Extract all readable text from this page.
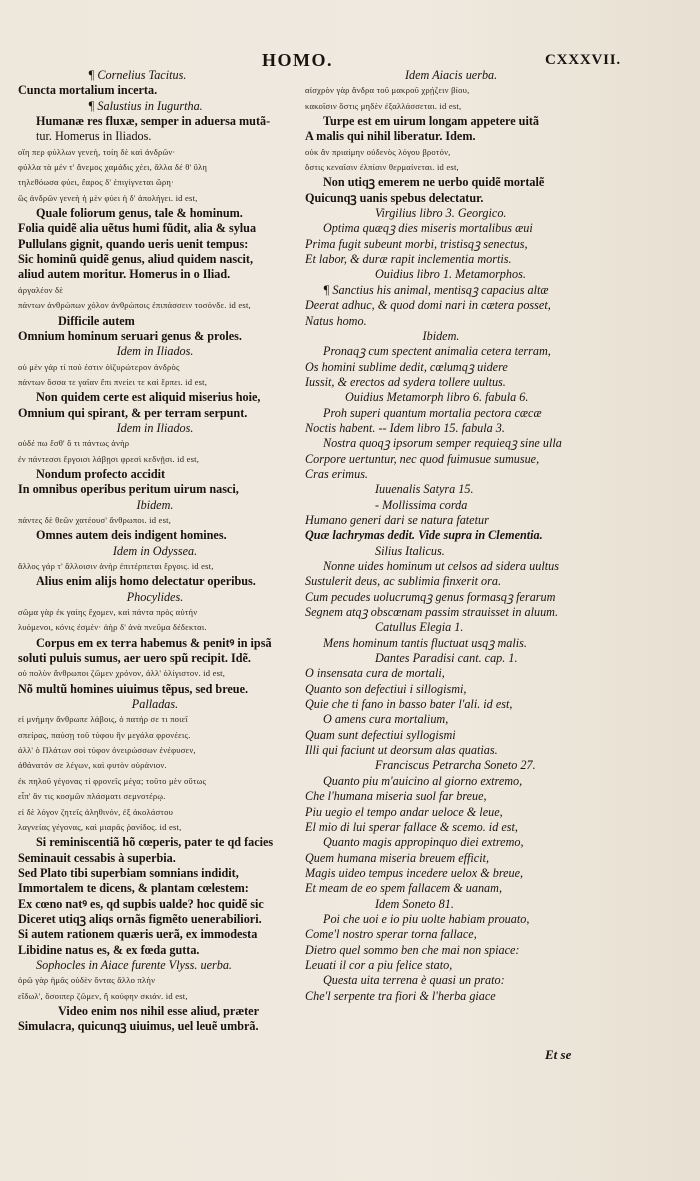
HOMO.	CXXXVII.
¶ Cornelius Tacitus.
Cuncta mortalium incerta.
¶ Salustius in Iugurtha.
Humanæ res fluxæ, semper in aduersa mutã-
tur. Homerus in Iliados.
οἵη περ φύλλων γενεή, τοίη δὲ καὶ ἀνδρῶν·
φύλλα τὰ μέν τ' ἄνεμος χαμάδις χέει, ἄλλα δέ θ' ὕλη
τηλεθόωσα φύει, ἔαρος δ' ἐπιγίγνεται ὥρη·
ὣς ἀνδρῶν γενεὴ ἡ μὲν φύει ἡ δ' ἀπολήγει. id est,
Quale foliorum genus, tale & hominum.
Folia quidẽ alia uẽtus humi fũdit, alia & sylua
Pullulans gignit, quando ueris uenit tempus:
Sic hominũ quidẽ genus, aliud quidem nascit,
aliud autem moritur. Homerus in o Iliad.
ἀργαλέον δὲ
πάντων ἀνθρώπων χόλον ἀνθρώποις ἐπιπάσσειν τοσόνδε. id est,
Difficile autem
Omnium hominum seruari genus & proles.
Idem in Iliados.
οὐ μὲν γάρ τί πού ἐστιν ὀϊζυρώτερον ἀνδρὸς
πάντων ὅσσα τε γαῖαν ἔπι πνείει τε καὶ ἕρπει. id est,
Non quidem certe est aliquid miserius hoie,
Omnium qui spirant, & per terram serpunt.
Idem in Iliados.
οὐδέ πω ἔσθ' ὅ τι πάντως ἀνὴρ
ἐν πάντεσσι ἔργοισι λάβῃσι φρεσὶ κεδνῇσι. id est,
Nondum profecto accidit
In omnibus operibus peritum uirum nasci,
Ibidem.
πάντες δὲ θεῶν χατέουσ' ἄνθρωποι. id est,
Omnes autem deis indigent homines.
Idem in Odyssea.
ἄλλος γάρ τ' ἄλλοισιν ἀνὴρ ἐπιτέρπεται ἔργοις. id est,
Alius enim alijs homo delectatur operibus.
Phocylides.
σῶμα γὰρ ἐκ γαίης ἔχομεν, καὶ πάντα πρὸς αὐτήν
λυόμενοι, κόνις ἐσμέν· ἀὴρ δ' ἀνὰ πνεῦμα δέδεκται.
Corpus em ex terra habemus & penitꝰ in ipsã
soluti puluis sumus, aer uero spũ recipit. Idẽ.
οὐ πολὺν ἄνθρωποι ζῶμεν χρόνον, ἀλλ' ὀλίγιστον. id est,
Nõ multũ homines uiuimus tẽpus, sed breue.
Palladas.
εἰ μνήμην ἄνθρωπε λάβοις, ὁ πατήρ σε τι ποιεῖ
σπείρας, παύσῃ τοῦ τύφου ἣν μεγάλα φρονέεις.
ἀλλ' ὁ Πλάτων σοὶ τύφον ὀνειρώσσων ἐνέφυσεν,
ἀθάνατόν σε λέγων, καὶ φυτὸν οὐράνιον.
ἐκ πηλοῦ γέγονας τί φρονεῖς μέγα; τοῦτο μὲν οὕτως
εἶπ' ἂν τις κοσμῶν πλάσματι σεμνοτέρῳ.
εἰ δὲ λόγον ζητεῖς ἀληθινόν, ἐξ ἀκολάστου
λαγνείας γέγονας, καὶ μιαρᾶς ῥανίδος. id est,
Si reminiscentiã hõ cœperis, pater te qd facies
Seminauit cessabis à superbia.
Sed Plato tibi superbiam somnians indidit,
Immortalem te dicens, & plantam cœlestem:
Ex cœno natꝰ es, qd supbis ualde? hoc quidẽ sic
Diceret utiqꝫ aliqs ornãs figmẽto uenerabiliori.
Si autem rationem quæris uerã, ex immodesta
Libidine natus es, & ex fœda gutta.
Sophocles in Aiace furente Vlyss. uerba.
ὁρῶ γὰρ ἡμᾶς οὐδὲν ὄντας ἄλλο πλὴν
εἴδωλ', ὅσοιπερ ζῶμεν, ἢ κούφην σκιάν. id est,
Video enim nos nihil esse aliud, præter
Simulacra, quicunqꝫ uiuimus, uel leuẽ umbrã.
Idem Aiacis uerba.
αἰσχρὸν γὰρ ἄνδρα τοῦ μακροῦ χρῄζειν βίου,
κακοῖσιν ὅστις μηδὲν ἐξαλλάσσεται. id est,
Turpe est em uirum longam appetere uitã
A malis qui nihil liberatur. Idem.
οὐκ ἂν πριαίμην οὐδενὸς λόγου βροτόν,
ὅστις κεναῖσιν ἐλπίσιν θερμαίνεται. id est,
Non utiqꝫ emerem ne uerbo quidẽ mortalẽ
Quicunqꝫ uanis spebus delectatur.
Virgilius libro 3. Georgico.
Optima quæqꝫ dies miseris mortalibus æui
Prima fugit subeunt morbi, tristisqꝫ senectus,
Et labor, & duræ rapit inclementia mortis.
Ouidius libro 1. Metamorphos.
¶ Sanctius his animal, mentisqꝫ capacius altæ
Deerat adhuc, & quod domi nari in cætera posset,
Natus homo.
Ibidem.
Pronaqꝫ cum spectent animalia cetera terram,
Os homini sublime dedit, cœlumqꝫ uidere
Iussit, & erectos ad sydera tollere uultus.
Ouidius Metamorph libro 6. fabula 6.
Proh superi quantum mortalia pectora cæcæ
Noctis habent. -- Idem libro 15. fabula 3.
Nostra quoqꝫ ipsorum semper requieqꝫ sine ulla
Corpore uertuntur, nec quod fuimusue sumusue,
Cras erimus.
Iuuenalis Satyra 15.
- Mollissima corda
Humano generi dari se natura fatetur
Quæ lachrymas dedit. Vide supra in Clementia.
Silius Italicus.
Nonne uides hominum ut celsos ad sidera uultus
Sustulerit deus, ac sublimia finxerit ora.
Cum pecudes uolucrumqꝫ genus formasqꝫ ferarum
Segnem atqꝫ obscœnam passim strauisset in aluum.
Catullus Elegia 1.
Mens hominum tantis fluctuat usqꝫ malis.
Dantes Paradisi cant. cap. 1.
O insensata cura de mortali,
Quanto son defectiui i sillogismi,
Quie che ti fano in basso bater l'ali. id est,
O amens cura mortalium,
Quam sunt defectiui syllogismi
Illi qui faciunt ut deorsum alas quatias.
Franciscus Petrarcha Soneto 27.
Quanto piu m'auicino al giorno extremo,
Che l'humana miseria suol far breue,
Piu uegio el tempo andar ueloce & leue,
El mio di lui sperar fallace & scemo. id est,
Quanto magis appropinquo diei extremo,
Quem humana miseria breuem efficit,
Magis uideo tempus incedere uelox & breue,
Et meam de eo spem fallacem & uanam,
Idem Soneto 81.
Poi che uoi e io piu uolte habiam prouato,
Come'l nostro sperar torna fallace,
Dietro quel sommo ben che mai non spiace:
Leuati il cor a piu felice stato,
Questa uita terrena è quasi un prato:
Che'l serpente tra fiori & l'herba giace
Et se
